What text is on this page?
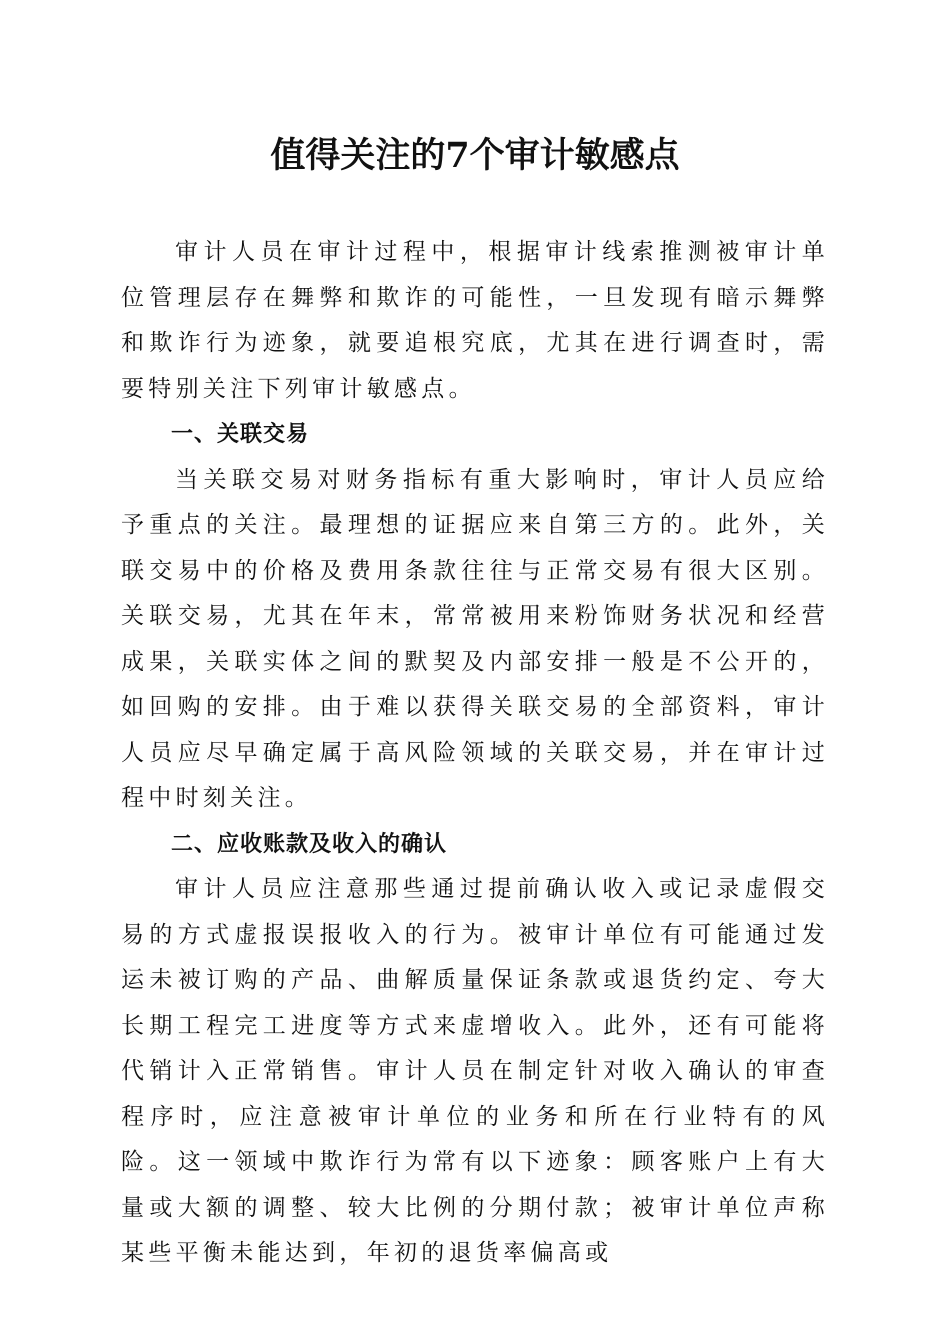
值得关注的7个审计敏感点

审计人员在审计过程中，根据审计线索推测被审计单位管理层存在舞弊和欺诈的可能性，一旦发现有暗示舞弊和欺诈行为迹象，就要追根究底，尤其在进行调查时，需要特别关注下列审计敏感点。

一、关联交易

当关联交易对财务指标有重大影响时，审计人员应给予重点的关注。最理想的证据应来自第三方的。此外，关联交易中的价格及费用条款往往与正常交易有很大区别。关联交易，尤其在年末，常常被用来粉饰财务状况和经营成果，关联实体之间的默契及内部安排一般是不公开的，如回购的安排。由于难以获得关联交易的全部资料，审计人员应尽早确定属于高风险领域的关联交易，并在审计过程中时刻关注。

二、应收账款及收入的确认

审计人员应注意那些通过提前确认收入或记录虚假交易的方式虚报误报收入的行为。被审计单位有可能通过发运未被订购的产品、曲解质量保证条款或退货约定、夸大长期工程完工进度等方式来虚增收入。此外，还有可能将代销计入正常销售。审计人员在制定针对收入确认的审查程序时，应注意被审计单位的业务和所在行业特有的风险。这一领域中欺诈行为常有以下迹象：顾客账户上有大量或大额的调整、较大比例的分期付款；被审计单位声称某些平衡未能达到，年初的退货率偏高或
